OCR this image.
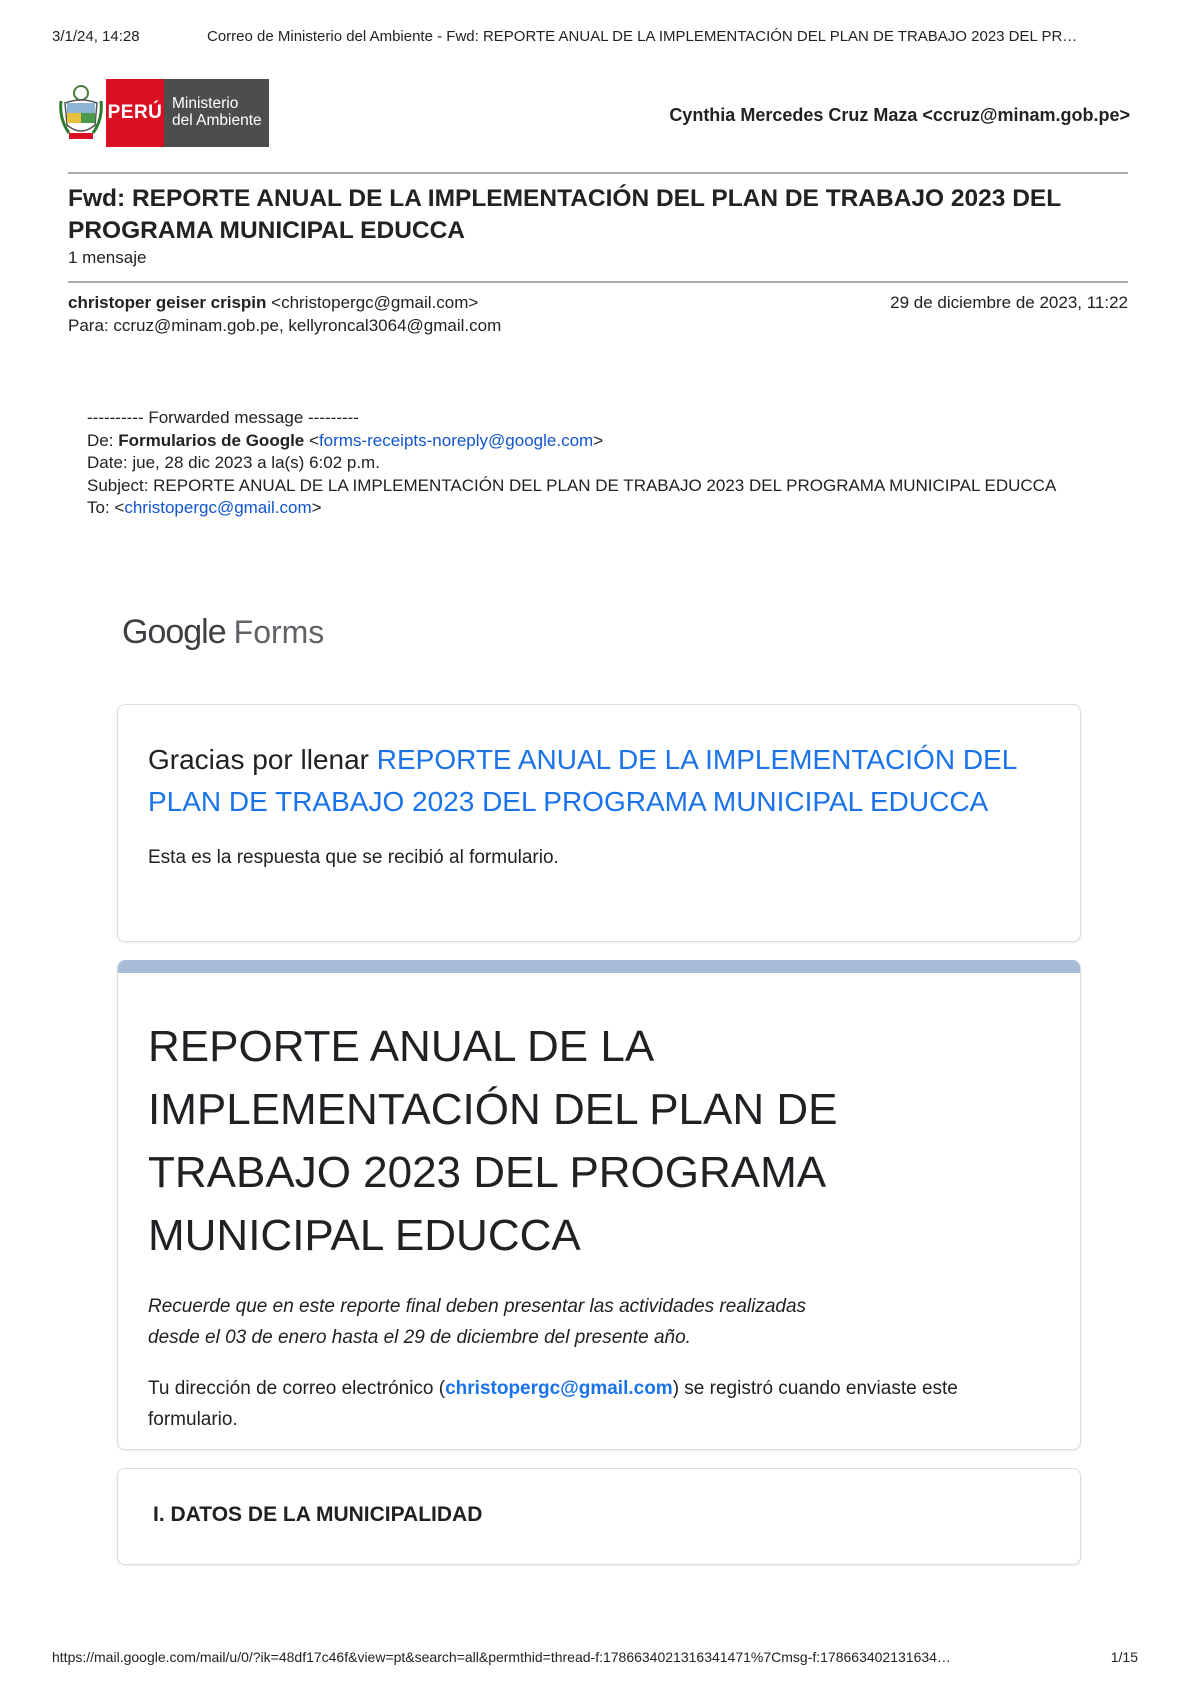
3/1/24, 14:28	Correo de Ministerio del Ambiente - Fwd: REPORTE ANUAL DE LA IMPLEMENTACIÓN DEL PLAN DE TRABAJO 2023 DEL PR…
PERÚ Ministerio
del Ambiente	Cynthia Mercedes Cruz Maza <ccruz@minam.gob.pe>
Fwd: REPORTE ANUAL DE LA IMPLEMENTACIÓN DEL PLAN DE TRABAJO 2023 DEL PROGRAMA MUNICIPAL EDUCCA
1 mensaje
christoper geiser crispin <christopergc@gmail.com>	29 de diciembre de 2023, 11:22
Para: ccruz@minam.gob.pe, kellyroncal3064@gmail.com
---------- Forwarded message ---------
De: Formularios de Google <forms-receipts-noreply@google.com>
Date: jue, 28 dic 2023 a la(s) 6:02 p.m.
Subject: REPORTE ANUAL DE LA IMPLEMENTACIÓN DEL PLAN DE TRABAJO 2023 DEL PROGRAMA MUNICIPAL EDUCCA
To: <christopergc@gmail.com>
Google Forms
Gracias por llenar REPORTE ANUAL DE LA IMPLEMENTACIÓN DEL PLAN DE TRABAJO 2023 DEL PROGRAMA MUNICIPAL EDUCCA
Esta es la respuesta que se recibió al formulario.
REPORTE ANUAL DE LA
IMPLEMENTACIÓN DEL PLAN DE
TRABAJO 2023 DEL PROGRAMA
MUNICIPAL EDUCCA
Recuerde que en este reporte final deben presentar las actividades realizadas
desde el 03 de enero hasta el 29 de diciembre del presente año.
Tu dirección de correo electrónico (christopergc@gmail.com) se registró cuando enviaste este formulario.
I. DATOS DE LA MUNICIPALIDAD
https://mail.google.com/mail/u/0/?ik=48df17c46f&view=pt&search=all&permthid=thread-f:1786634021316341471%7Cmsg-f:178663402131634…	1/15
